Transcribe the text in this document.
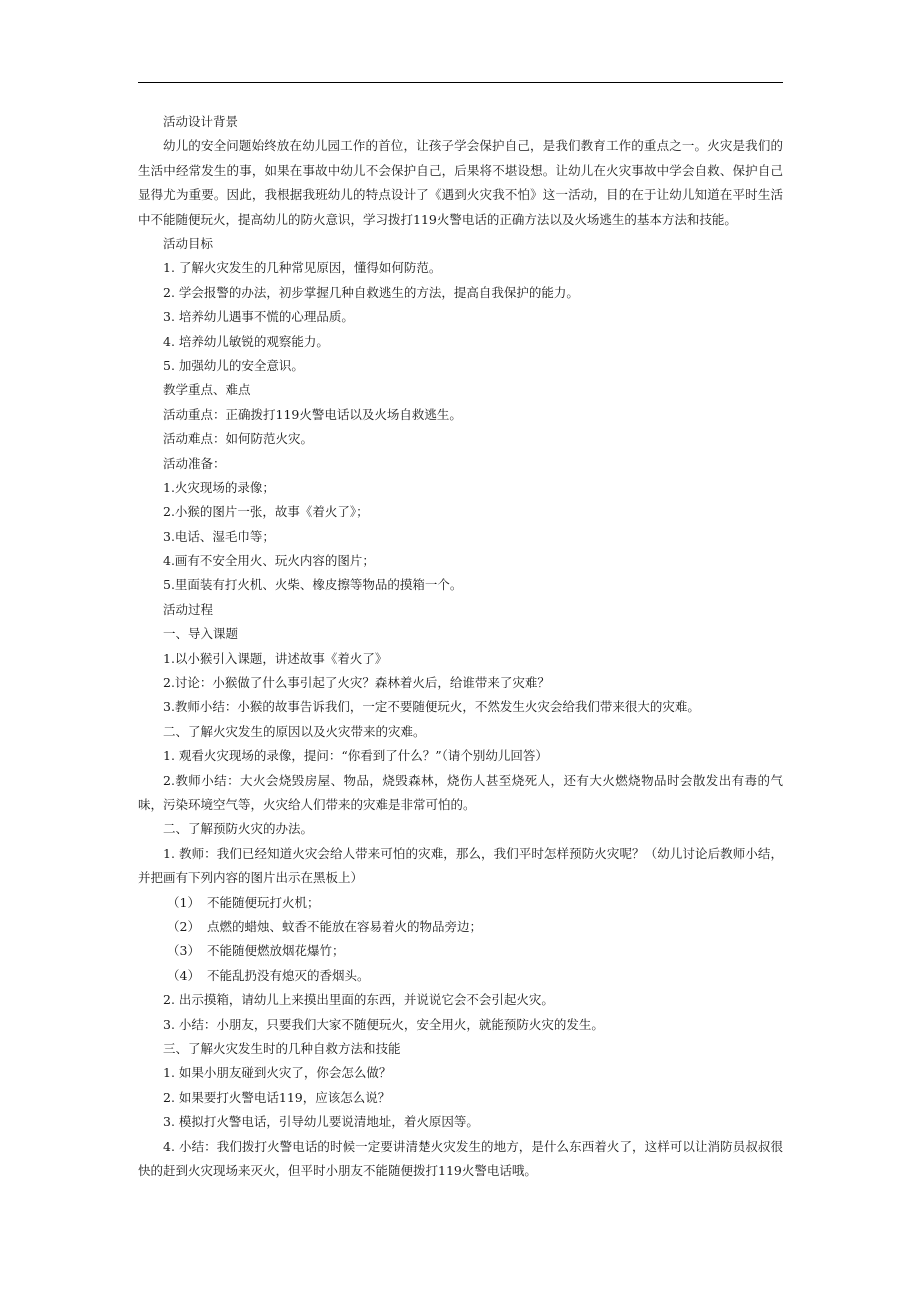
活动设计背景
幼儿的安全问题始终放在幼儿园工作的首位，让孩子学会保护自己，是我们教育工作的重点之一。火灾是我们的生活中经常发生的事，如果在事故中幼儿不会保护自己，后果将不堪设想。让幼儿在火灾事故中学会自救、保护自己显得尤为重要。因此，我根据我班幼儿的特点设计了《遇到火灾我不怕》这一活动，目的在于让幼儿知道在平时生活中不能随便玩火，提高幼儿的防火意识，学习拨打119火警电话的正确方法以及火场逃生的基本方法和技能。
活动目标
1. 了解火灾发生的几种常见原因，懂得如何防范。
2. 学会报警的办法，初步掌握几种自救逃生的方法，提高自我保护的能力。
3. 培养幼儿遇事不慌的心理品质。
4. 培养幼儿敏锐的观察能力。
5. 加强幼儿的安全意识。
教学重点、难点
活动重点：正确拨打119火警电话以及火场自救逃生。
活动难点：如何防范火灾。
活动准备：
1.火灾现场的录像；
2.小猴的图片一张，故事《着火了》；
3.电话、湿毛巾等；
4.画有不安全用火、玩火内容的图片；
5.里面装有打火机、火柴、橡皮擦等物品的摸箱一个。
活动过程
一、导入课题
1.以小猴引入课题，讲述故事《着火了》
2.讨论：小猴做了什么事引起了火灾？森林着火后，给谁带来了灾难？
3.教师小结：小猴的故事告诉我们，一定不要随便玩火，不然发生火灾会给我们带来很大的灾难。
二、了解火灾发生的原因以及火灾带来的灾难。
1. 观看火灾现场的录像，提问：“你看到了什么？”（请个别幼儿回答）
2.教师小结：大火会烧毁房屋、物品，烧毁森林，烧伤人甚至烧死人，还有大火燃烧物品时会散发出有毒的气味，污染环境空气等，火灾给人们带来的灾难是非常可怕的。
二、了解预防火灾的办法。
1. 教师：我们已经知道火灾会给人带来可怕的灾难，那么，我们平时怎样预防火灾呢？（幼儿讨论后教师小结，并把画有下列内容的图片出示在黑板上）
（1） 不能随便玩打火机；
（2） 点燃的蜡烛、蚊香不能放在容易着火的物品旁边；
（3） 不能随便燃放烟花爆竹；
（4） 不能乱扔没有熄灭的香烟头。
2. 出示摸箱，请幼儿上来摸出里面的东西，并说说它会不会引起火灾。
3. 小结：小朋友，只要我们大家不随便玩火，安全用火，就能预防火灾的发生。
三、了解火灾发生时的几种自救方法和技能
1. 如果小朋友碰到火灾了，你会怎么做？
2. 如果要打火警电话119，应该怎么说？
3. 模拟打火警电话，引导幼儿要说清地址，着火原因等。
4. 小结：我们拨打火警电话的时候一定要讲清楚火灾发生的地方，是什么东西着火了，这样可以让消防员叔叔很快的赶到火灾现场来灭火，但平时小朋友不能随便拨打119火警电话哦。
